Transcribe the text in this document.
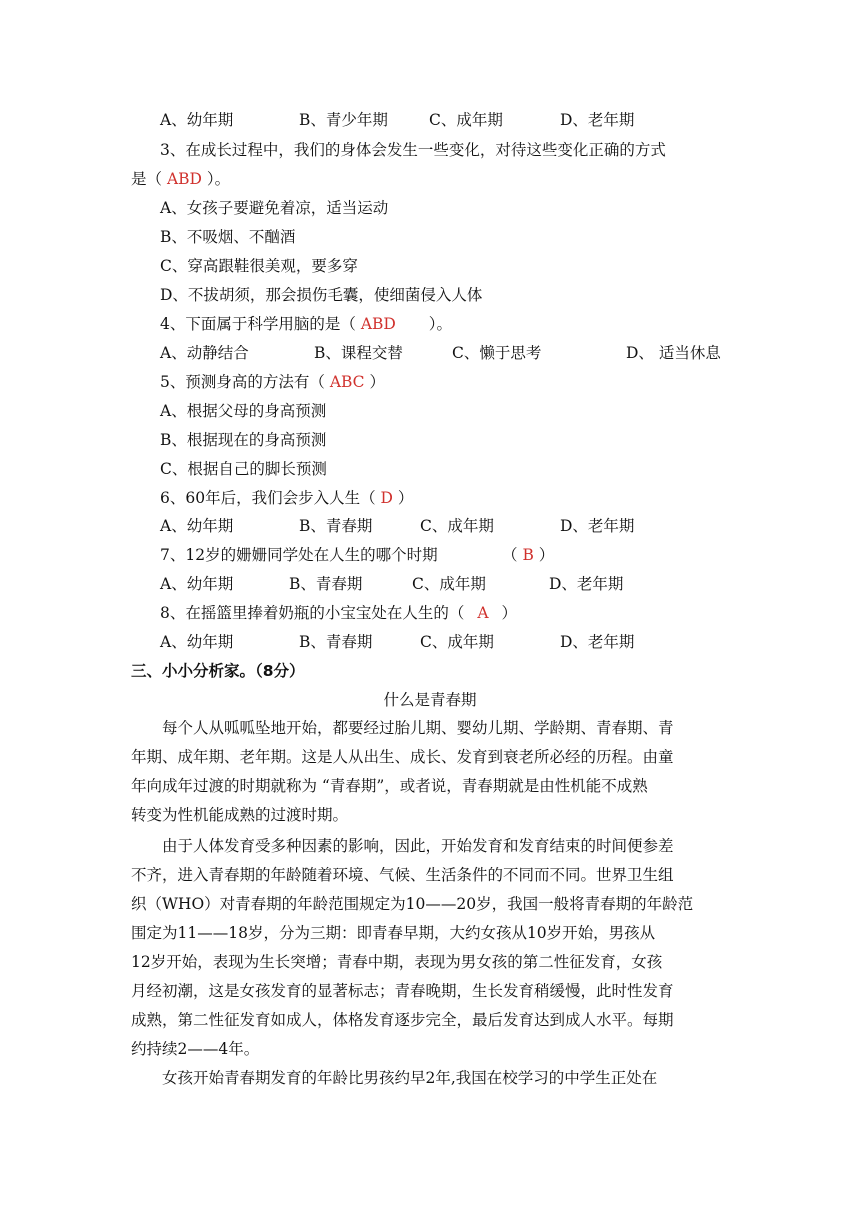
A、幼年期	B、青少年期	C、成年期	D、老年期
3、在成长过程中，我们的身体会发生一些变化，对待这些变化正确的方式
是（ ABD ）。
A、女孩子要避免着凉，适当运动
B、不吸烟、不酗酒
C、穿高跟鞋很美观，要多穿
D、不拔胡须，那会损伤毛囊，使细菌侵入人体
4、下面属于科学用脑的是（ ABD ）。
A、动静结合	B、课程交替	C、懒于思考	D、 适当休息
5、预测身高的方法有（ ABC ）
A、根据父母的身高预测
B、根据现在的身高预测
C、根据自己的脚长预测
6、60年后，我们会步入人生（ D ）
A、幼年期	B、青春期	C、成年期	D、老年期
7、12岁的姗姗同学处在人生的哪个时期	（ B ）
A、幼年期	B、青春期	C、成年期	D、老年期
8、在摇篮里捧着奶瓶的小宝宝处在人生的（ A ）
A、幼年期	B、青春期	C、成年期	D、老年期
三、小小分析家。（8分）
什么是青春期
每个人从呱呱坠地开始，都要经过胎儿期、婴幼儿期、学龄期、青春期、青
年期、成年期、老年期。这是人从出生、成长、发育到衰老所必经的历程。由童
年向成年过渡的时期就称为 “青春期”，或者说，青春期就是由性机能不成熟
转变为性机能成熟的过渡时期。
由于人体发育受多种因素的影响，因此，开始发育和发育结束的时间便参差
不齐，进入青春期的年龄随着环境、气候、生活条件的不同而不同。世界卫生组
织（WHO）对青春期的年龄范围规定为10——20岁，我国一般将青春期的年龄范
围定为11——18岁，分为三期：即青春早期，大约女孩从10岁开始，男孩从
12岁开始，表现为生长突增；青春中期，表现为男女孩的第二性征发育，女孩
月经初潮，这是女孩发育的显著标志；青春晚期，生长发育稍缓慢，此时性发育
成熟，第二性征发育如成人，体格发育逐步完全，最后发育达到成人水平。每期
约持续2——4年。
女孩开始青春期发育的年龄比男孩约早2年,我国在校学习的中学生正处在
